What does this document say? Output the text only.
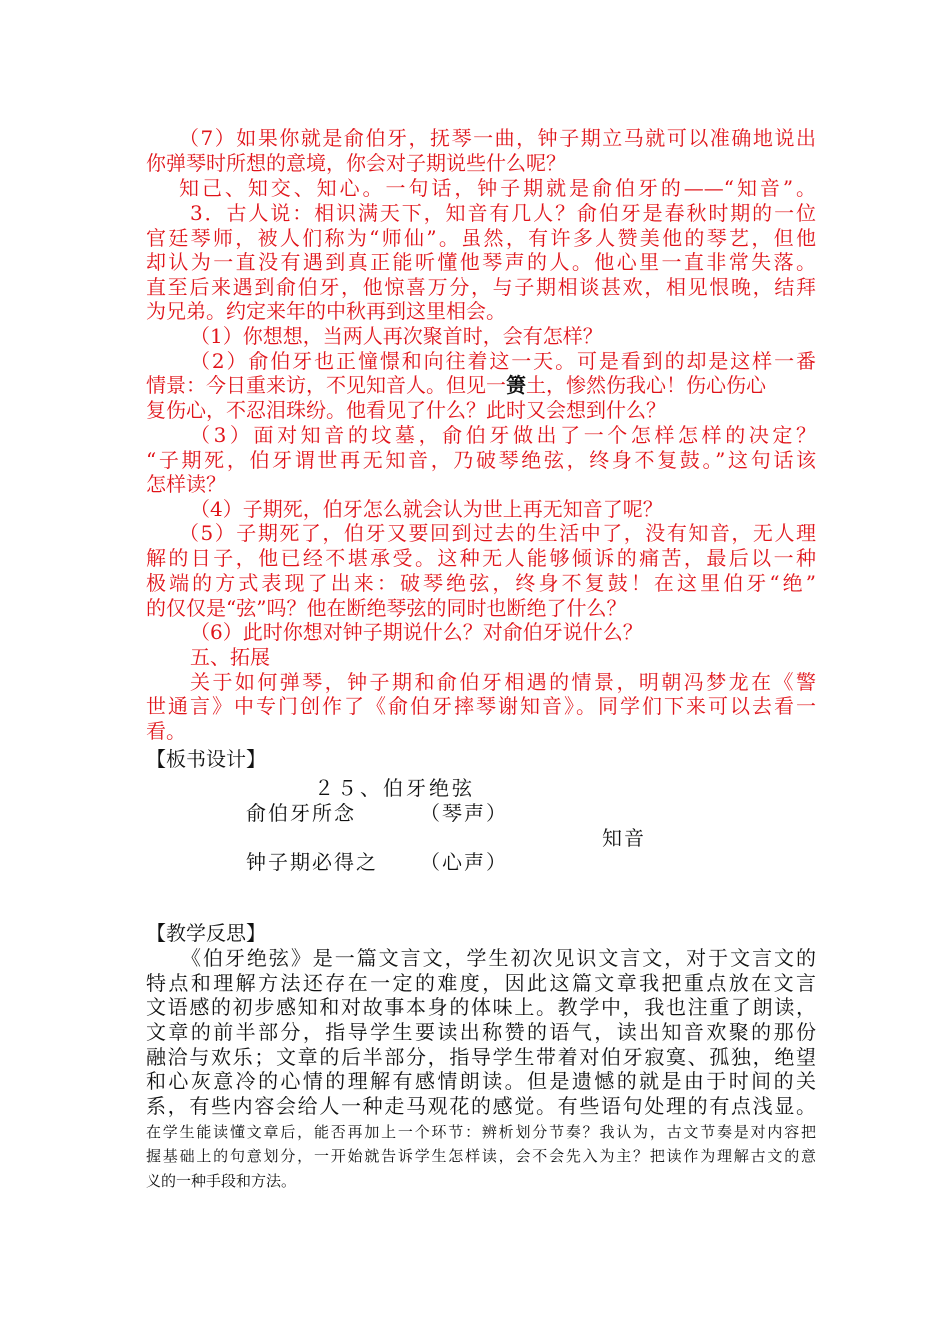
（7）如果你就是俞伯牙，抚琴一曲，钟子期立马就可以准确地说出
你弹琴时所想的意境，你会对子期说些什么呢？
知己、知交、知心。一句话，钟子期就是俞伯牙的——“知音”。
3．古人说：相识满天下，知音有几人？俞伯牙是春秋时期的一位
官廷琴师，被人们称为“师仙”。虽然，有许多人赞美他的琴艺，但他
却认为一直没有遇到真正能听懂他琴声的人。他心里一直非常失落。
直至后来遇到俞伯牙，他惊喜万分，与子期相谈甚欢，相见恨晚，结拜
为兄弟。约定来年的中秋再到这里相会。
（1）你想想，当两人再次聚首时，会有怎样？
（2）俞伯牙也正憧憬和向往着这一天。可是看到的却是这样一番
情景：今日重来访，不见知音人。但见一箦土，惨然伤我心！伤心伤心
复伤心，不忍泪珠纷。他看见了什么？此时又会想到什么？
（3）面对知音的坟墓，俞伯牙做出了一个怎样怎样的决定？
“子期死，伯牙谓世再无知音，乃破琴绝弦，终身不复鼓。”这句话该
怎样读？
（4）子期死，伯牙怎么就会认为世上再无知音了呢？
（5）子期死了，伯牙又要回到过去的生活中了，没有知音，无人理
解的日子，他已经不堪承受。这种无人能够倾诉的痛苦，最后以一种
极端的方式表现了出来：破琴绝弦，终身不复鼓！在这里伯牙“绝”
的仅仅是“弦”吗？他在断绝琴弦的同时也断绝了什么？
（6）此时你想对钟子期说什么？对俞伯牙说什么？
五、拓展
关于如何弹琴，钟子期和俞伯牙相遇的情景，明朝冯梦龙在《警
世通言》中专门创作了《俞伯牙摔琴谢知音》。同学们下来可以去看一
看。
【板书设计】
２５、伯牙绝弦
俞伯牙所念	（琴声）
知音
钟子期必得之 （心声）
【教学反思】
《伯牙绝弦》是一篇文言文，学生初次见识文言文，对于文言文的
特点和理解方法还存在一定的难度，因此这篇文章我把重点放在文言
文语感的初步感知和对故事本身的体味上。教学中，我也注重了朗读，
文章的前半部分，指导学生要读出称赞的语气，读出知音欢聚的那份
融洽与欢乐；文章的后半部分，指导学生带着对伯牙寂寞、孤独，绝望
和心灰意冷的心情的理解有感情朗读。但是遗憾的就是由于时间的关
系，有些内容会给人一种走马观花的感觉。有些语句处理的有点浅显。
在学生能读懂文章后，能否再加上一个环节：辨析划分节奏？我认为，古文节奏是对内容把
握基础上的句意划分，一开始就告诉学生怎样读，会不会先入为主？把读作为理解古文的意
义的一种手段和方法。
